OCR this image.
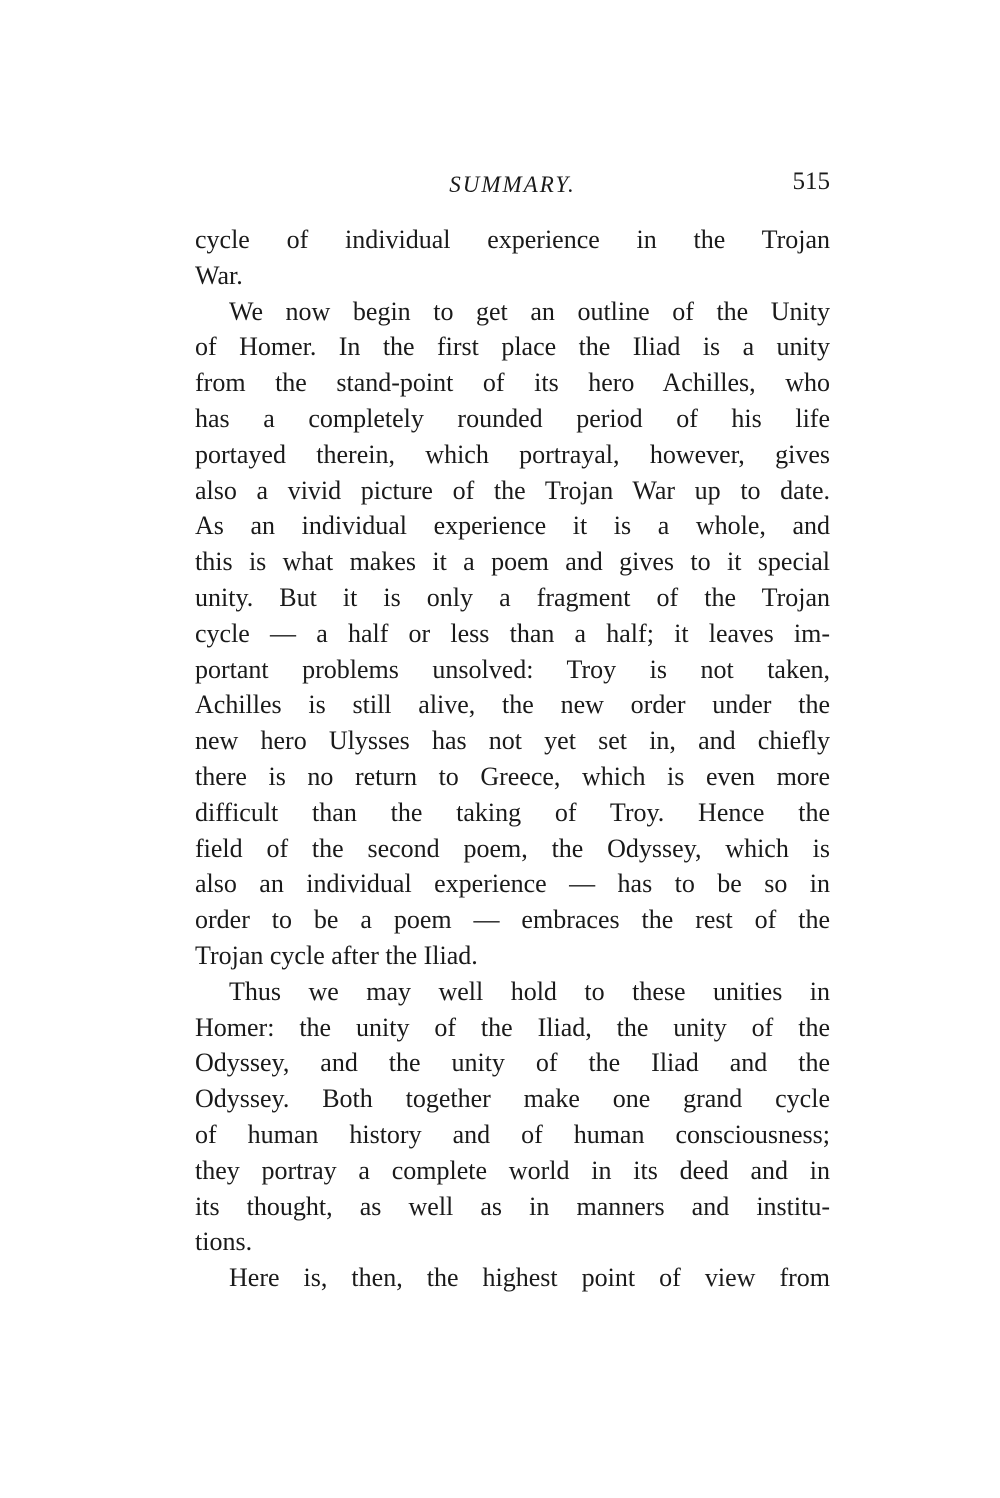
SUMMARY.	515
cycle of individual experience in the Trojan
War.
We now begin to get an outline of the Unity
of Homer. In the first place the Iliad is a unity
from the stand-point of its hero Achilles, who
has a completely rounded period of his life
portayed therein, which portrayal, however, gives
also a vivid picture of the Trojan War up to date.
As an individual experience it is a whole, and
this is what makes it a poem and gives to it special
unity. But it is only a fragment of the Trojan
cycle — a half or less than a half; it leaves im-
portant problems unsolved: Troy is not taken,
Achilles is still alive, the new order under the
new hero Ulysses has not yet set in, and chiefly
there is no return to Greece, which is even more
difficult than the taking of Troy. Hence the
field of the second poem, the Odyssey, which is
also an individual experience — has to be so in
order to be a poem — embraces the rest of the
Trojan cycle after the Iliad.
Thus we may well hold to these unities in
Homer: the unity of the Iliad, the unity of the
Odyssey, and the unity of the Iliad and the
Odyssey. Both together make one grand cycle
of human history and of human consciousness;
they portray a complete world in its deed and in
its thought, as well as in manners and institu-
tions.
Here is, then, the highest point of view from
